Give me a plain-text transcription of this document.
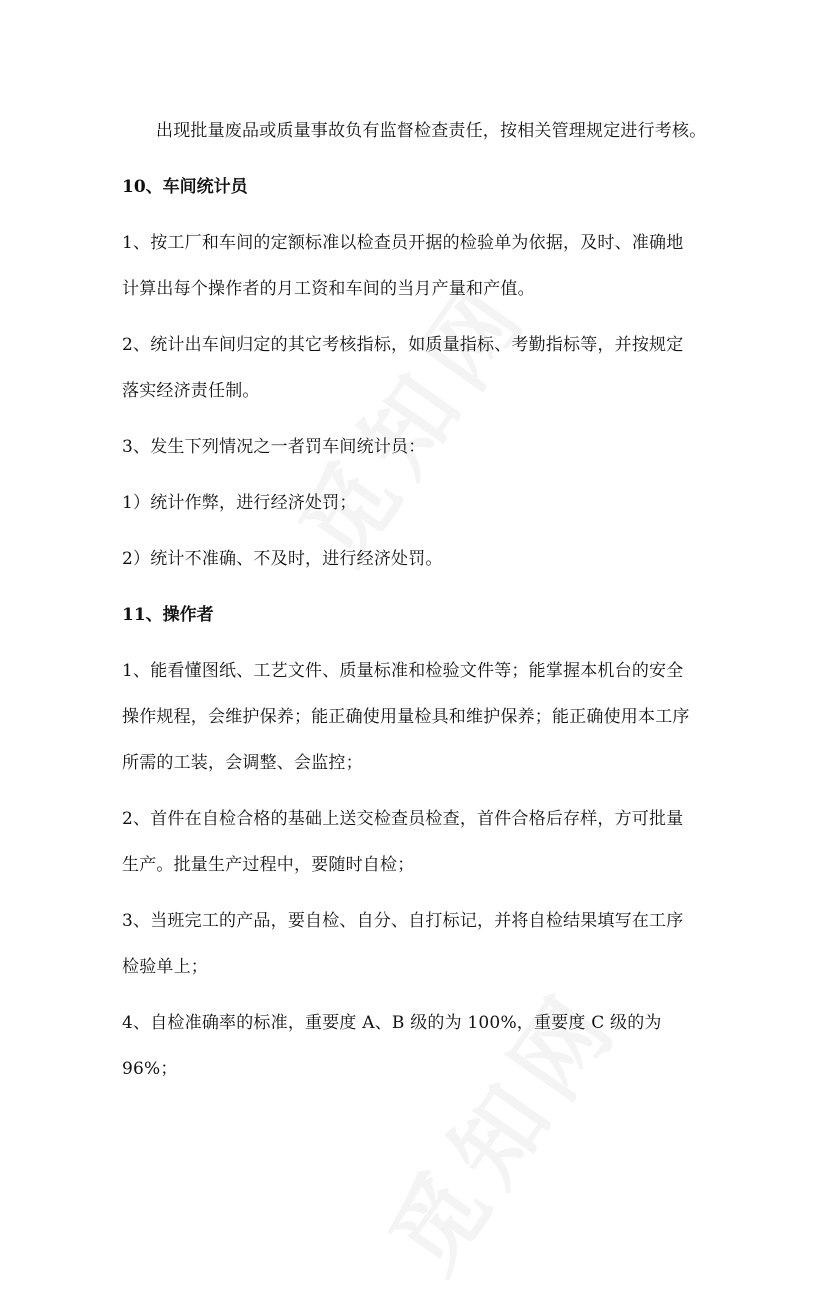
出现批量废品或质量事故负有监督检查责任，按相关管理规定进行考核。

10、车间统计员

1、按工厂和车间的定额标准以检查员开据的检验单为依据，及时、准确地
计算出每个操作者的月工资和车间的当月产量和产值。

2、统计出车间归定的其它考核指标，如质量指标、考勤指标等，并按规定
落实经济责任制。

3、发生下列情况之一者罚车间统计员：

1）统计作弊，进行经济处罚；

2）统计不准确、不及时，进行经济处罚。

11、操作者

1、能看懂图纸、工艺文件、质量标准和检验文件等；能掌握本机台的安全
操作规程，会维护保养；能正确使用量检具和维护保养；能正确使用本工序
所需的工装，会调整、会监控；

2、首件在自检合格的基础上送交检查员检查，首件合格后存样，方可批量
生产。批量生产过程中，要随时自检；

3、当班完工的产品，要自检、自分、自打标记，并将自检结果填写在工序
检验单上；

4、自检准确率的标准，重要度 A、B 级的为 100%，重要度 C 级的为 96%；
